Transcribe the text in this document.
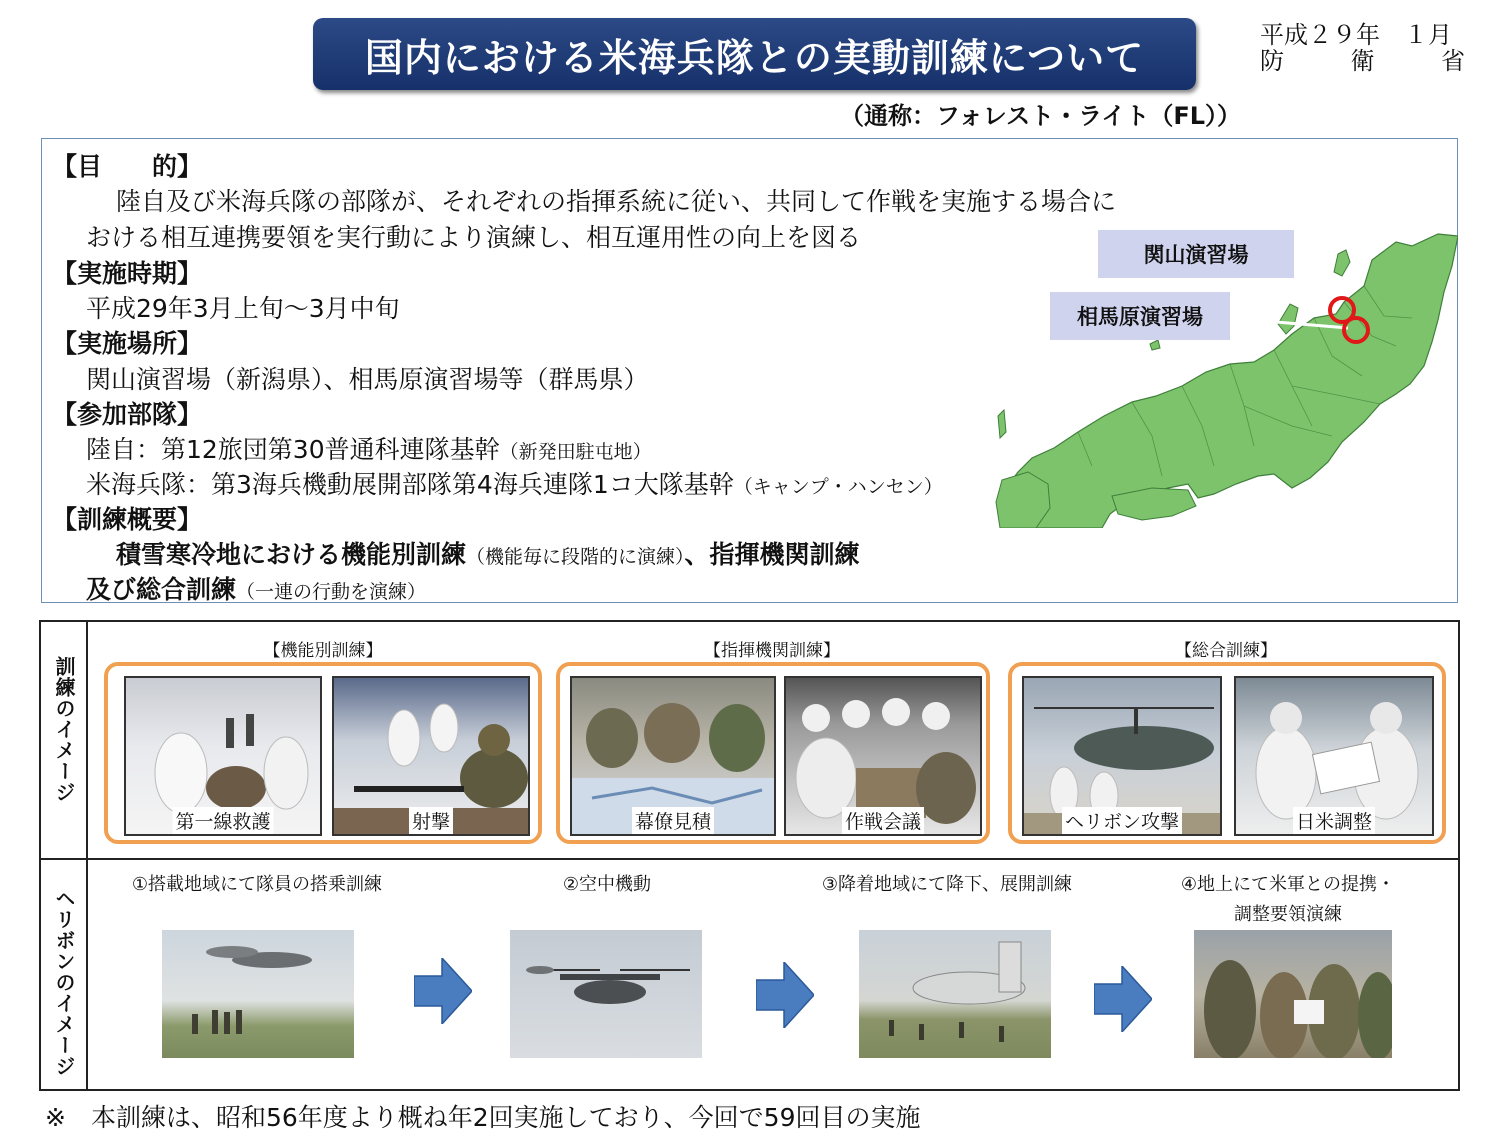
国内における米海兵隊との実動訓練について
平成２９年　１月
防	衛	省
（通称：フォレスト・ライト（FL））
【目　　的】
陸自及び米海兵隊の部隊が、それぞれの指揮系統に従い、共同して作戦を実施する場合に
おける相互連携要領を実行動により演練し、相互運用性の向上を図る
【実施時期】
平成29年3月上旬～3月中旬
【実施場所】
関山演習場（新潟県）、相馬原演習場等（群馬県）
【参加部隊】
陸自：第12旅団第30普通科連隊基幹（新発田駐屯地）
米海兵隊：第3海兵機動展開部隊第4海兵連隊1コ大隊基幹（キャンプ・ハンセン）
【訓練概要】
積雪寒冷地における機能別訓練（機能毎に段階的に演練）、指揮機関訓練
及び総合訓練（一連の行動を演練）
関山演習場
相馬原演習場
訓練のイメージ
ヘリボンのイメージ
【機能別訓練】
第一線救護	射撃
【指揮機関訓練】
幕僚見積	作戦会議
【総合訓練】
ヘリボン攻撃	日米調整
①搭載地域にて隊員の搭乗訓練	②空中機動	③降着地域にて降下、展開訓練	④地上にて米軍との提携・
調整要領演練
※　本訓練は、昭和56年度より概ね年2回実施しており、今回で59回目の実施
